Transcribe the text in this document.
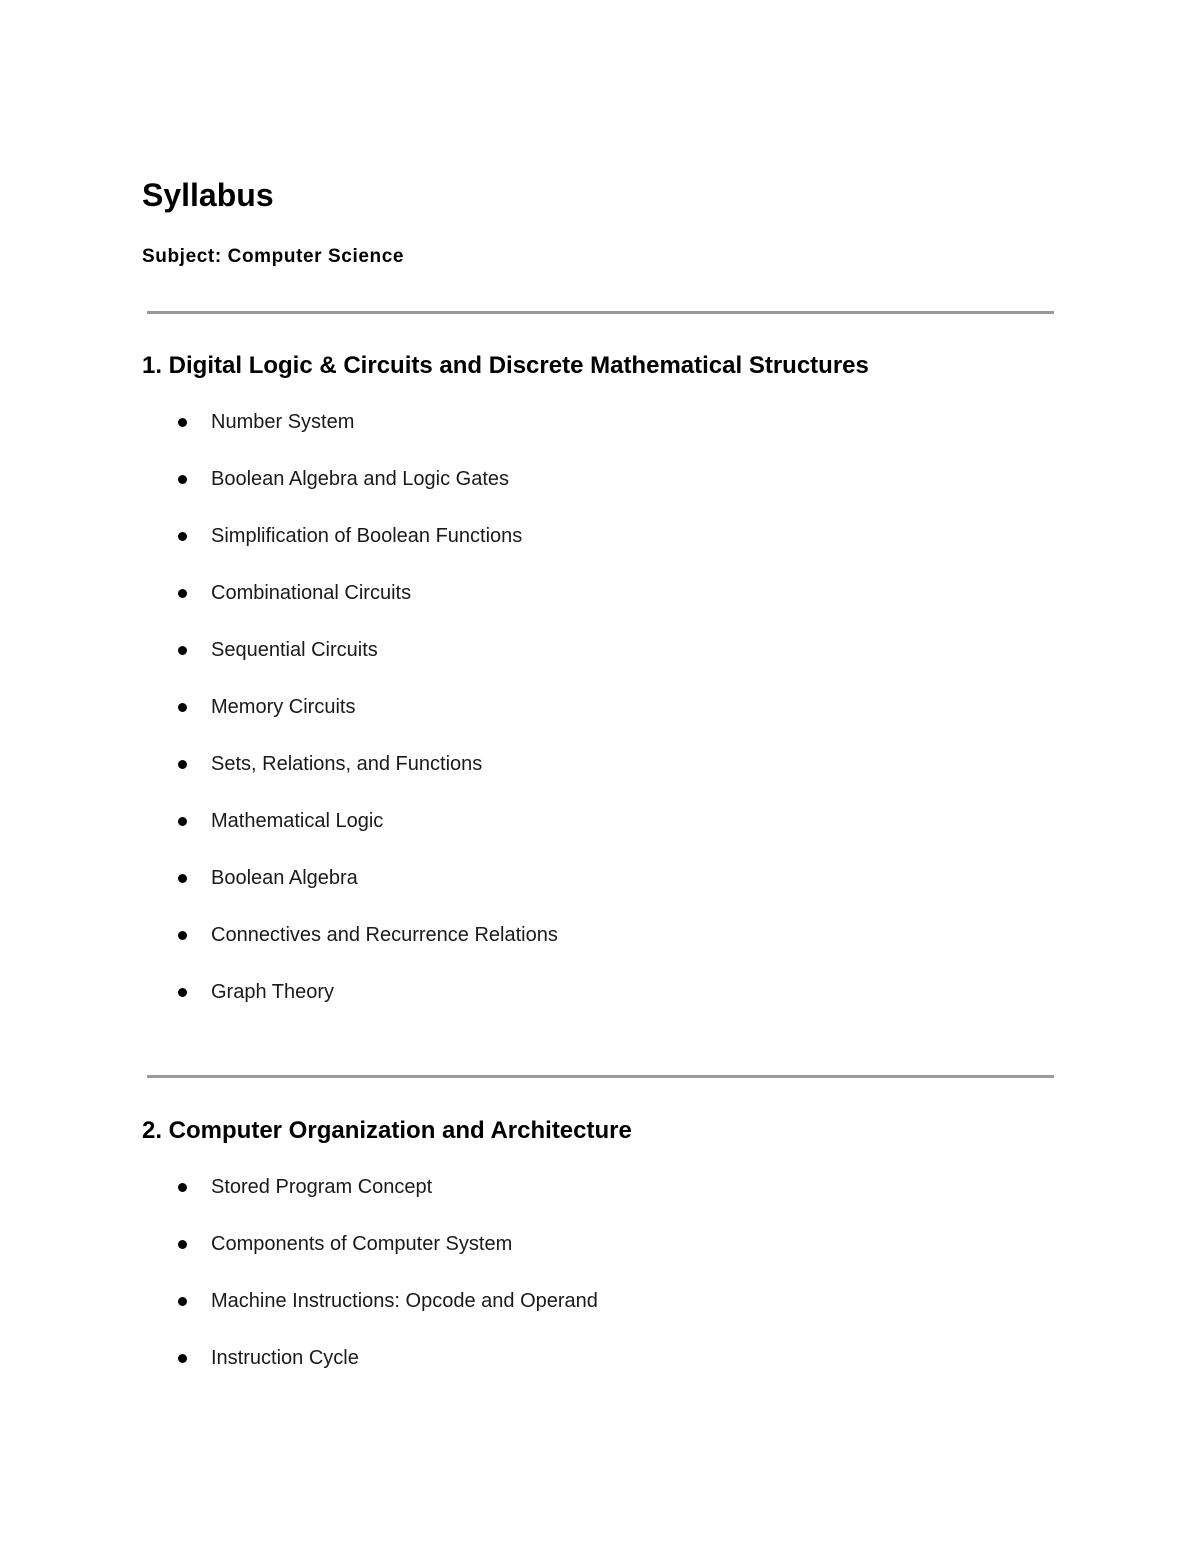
Syllabus

Subject: Computer Science

1. Digital Logic & Circuits and Discrete Mathematical Structures
Number System
Boolean Algebra and Logic Gates
Simplification of Boolean Functions
Combinational Circuits
Sequential Circuits
Memory Circuits
Sets, Relations, and Functions
Mathematical Logic
Boolean Algebra
Connectives and Recurrence Relations
Graph Theory
2. Computer Organization and Architecture
Stored Program Concept
Components of Computer System
Machine Instructions: Opcode and Operand
Instruction Cycle
